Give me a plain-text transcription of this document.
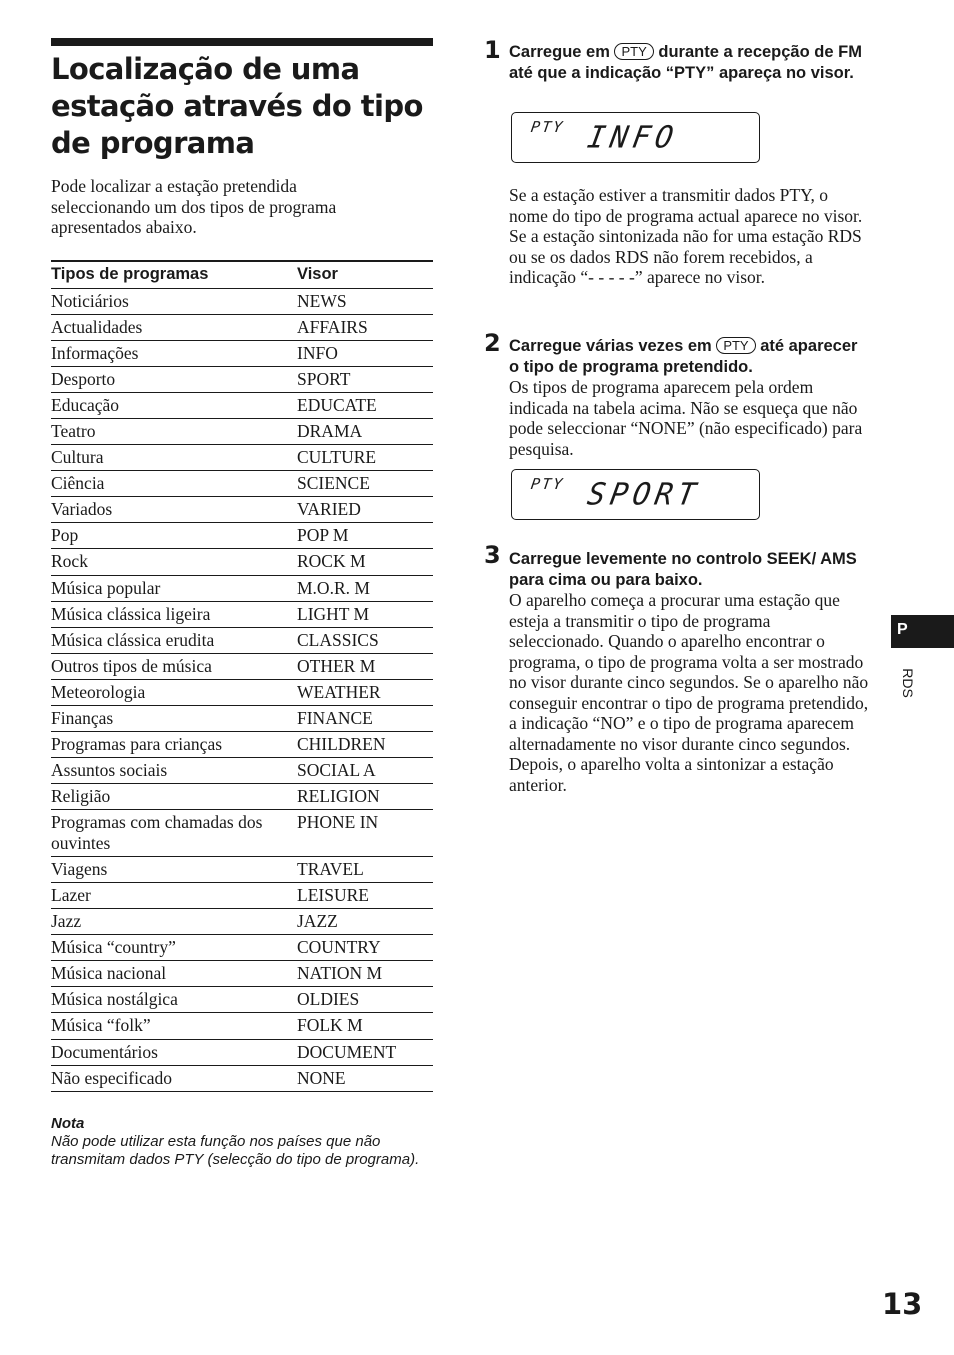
Localização de uma estação através do tipo de programa

Pode localizar a estação pretendida
seleccionando um dos tipos de programa
apresentados abaixo.

Tipos de programas	Visor
Noticiários	NEWS
Actualidades	AFFAIRS
Informações	INFO
Desporto	SPORT
Educação	EDUCATE
Teatro	DRAMA
Cultura	CULTURE
Ciência	SCIENCE
Variados	VARIED
Pop	POP M
Rock	ROCK M
Música popular	M.O.R. M
Música clássica ligeira	LIGHT M
Música clássica erudita	CLASSICS
Outros tipos de música	OTHER M
Meteorologia	WEATHER
Finanças	FINANCE
Programas para crianças	CHILDREN
Assuntos sociais	SOCIAL A
Religião	RELIGION
Programas com chamadas dos ouvintes	PHONE IN
Viagens	TRAVEL
Lazer	LEISURE
Jazz	JAZZ
Música “country”	COUNTRY
Música nacional	NATION M
Música nostálgica	OLDIES
Música “folk”	FOLK M
Documentários	DOCUMENT
Não especificado	NONE

Nota

Não pode utilizar esta função nos países que não transmitam dados PTY (selecção do tipo de programa).

1 Carregue em PTY durante a recepção de FM até que a indicação “PTY” apareça no visor.

PTY INFO

Se a estação estiver a transmitir dados PTY, o nome do tipo de programa actual aparece no visor. Se a estação sintonizada não for uma estação RDS ou se os dados RDS não forem recebidos, a indicação “- - - - -” aparece no visor.

2 Carregue várias vezes em PTY até aparecer o tipo de programa pretendido.

Os tipos de programa aparecem pela ordem indicada na tabela acima. Não se esqueça que não pode seleccionar “NONE” (não especificado) para pesquisa.

PTY SPORT
3 Carregue levemente no controlo SEEK/ AMS para cima ou para baixo.

O aparelho começa a procurar uma estação que esteja a transmitir o tipo de programa seleccionado. Quando o aparelho encontrar o programa, o tipo de programa volta a ser mostrado no visor durante cinco segundos. Se o aparelho não conseguir encontrar o tipo de programa pretendido, a indicação “NO” e o tipo de programa aparecem alternadamente no visor durante cinco segundos. Depois, o aparelho volta a sintonizar a estação anterior.

P
RDS
13
